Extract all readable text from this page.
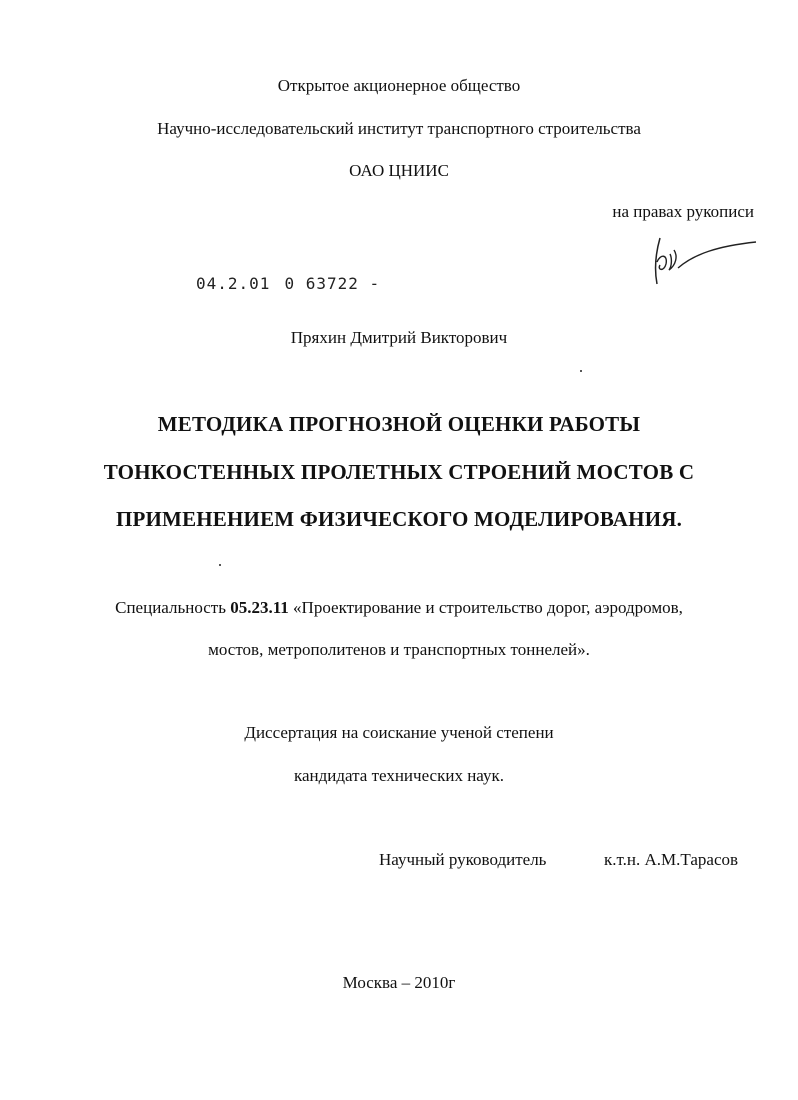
Открытое акционерное общество
Научно-исследовательский институт транспортного строительства
ОАО ЦНИИС
на правах рукописи
04.2.01 0 63722 -
Пряхин Дмитрий Викторович
МЕТОДИКА ПРОГНОЗНОЙ ОЦЕНКИ РАБОТЫ
ТОНКОСТЕННЫХ ПРОЛЕТНЫХ СТРОЕНИЙ МОСТОВ С
ПРИМЕНЕНИЕМ ФИЗИЧЕСКОГО МОДЕЛИРОВАНИЯ.
Специальность 05.23.11 «Проектирование и строительство дорог, аэродромов,
мостов, метрополитенов и транспортных тоннелей».
Диссертация на соискание ученой степени
кандидата технических наук.
Научный руководитель	к.т.н. А.М.Тарасов
Москва – 2010г
